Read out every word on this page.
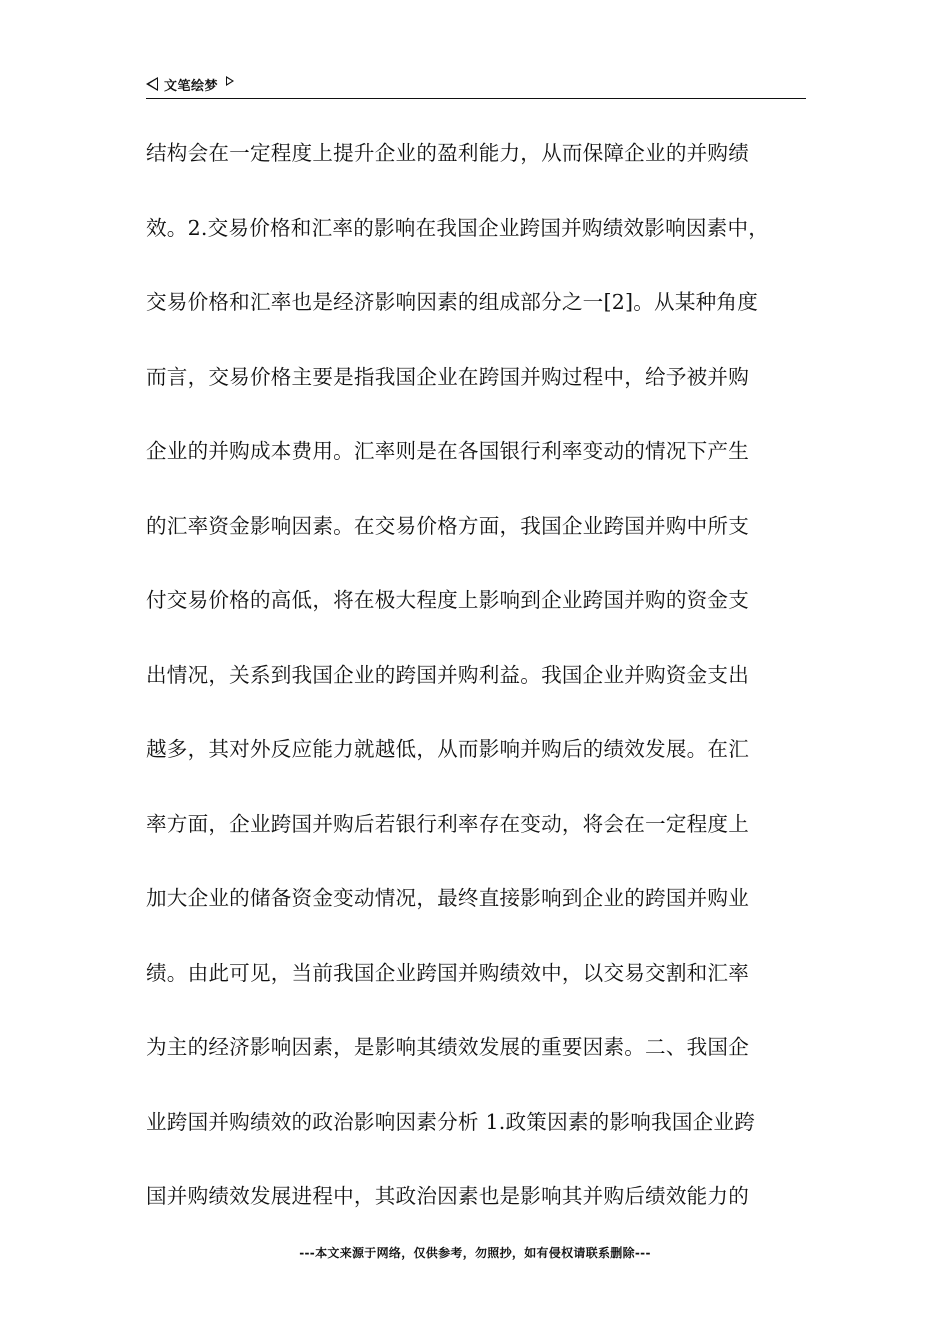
文笔绘梦
结构会在一定程度上提升企业的盈利能力，从而保障企业的并购绩
效。2.交易价格和汇率的影响在我国企业跨国并购绩效影响因素中，
交易价格和汇率也是经济影响因素的组成部分之一[2]。从某种角度
而言，交易价格主要是指我国企业在跨国并购过程中，给予被并购
企业的并购成本费用。汇率则是在各国银行利率变动的情况下产生
的汇率资金影响因素。在交易价格方面，我国企业跨国并购中所支
付交易价格的高低，将在极大程度上影响到企业跨国并购的资金支
出情况，关系到我国企业的跨国并购利益。我国企业并购资金支出
越多，其对外反应能力就越低，从而影响并购后的绩效发展。在汇
率方面，企业跨国并购后若银行利率存在变动，将会在一定程度上
加大企业的储备资金变动情况，最终直接影响到企业的跨国并购业
绩。由此可见，当前我国企业跨国并购绩效中，以交易交割和汇率
为主的经济影响因素，是影响其绩效发展的重要因素。二、我国企
业跨国并购绩效的政治影响因素分析 1.政策因素的影响我国企业跨
国并购绩效发展进程中，其政治因素也是影响其并购后绩效能力的
---本文来源于网络，仅供参考，勿照抄，如有侵权请联系删除---
